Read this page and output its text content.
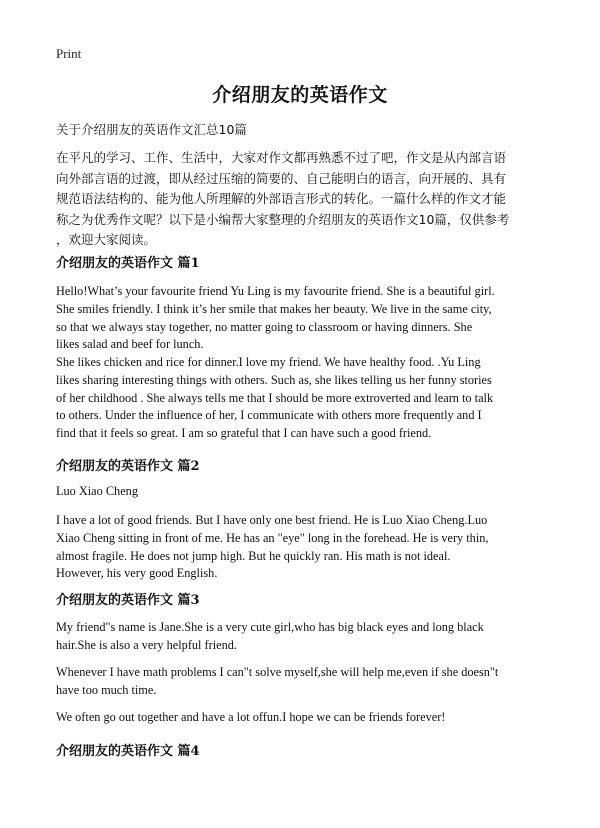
Print
介绍朋友的英语作文
关于介绍朋友的英语作文汇总10篇
在平凡的学习、工作、生活中，大家对作文都再熟悉不过了吧，作文是从内部言语
向外部言语的过渡，即从经过压缩的简要的、自己能明白的语言，向开展的、具有
规范语法结构的、能为他人所理解的外部语言形式的转化。一篇什么样的作文才能
称之为优秀作文呢？以下是小编帮大家整理的介绍朋友的英语作文10篇，仅供参考
，欢迎大家阅读。
介绍朋友的英语作文 篇1
Hello!What’s your favourite friend Yu Ling is my favourite friend. She is a beautiful girl.
She smiles friendly. I think it’s her smile that makes her beauty. We live in the same city,
so that we always stay together, no matter going to classroom or having dinners. She
likes salad and beef for lunch.
She likes chicken and rice for dinner.I love my friend. We have healthy food. .Yu Ling
likes sharing interesting things with others. Such as, she likes telling us her funny stories
of her childhood . She always tells me that I should be more extroverted and learn to talk
to others. Under the influence of her, I communicate with others more frequently and I
find that it feels so great. I am so grateful that I can have such a good friend.
介绍朋友的英语作文 篇2
Luo Xiao Cheng
I have a lot of good friends. But I have only one best friend. He is Luo Xiao Cheng.Luo
Xiao Cheng sitting in front of me. He has an "eye" long in the forehead. He is very thin,
almost fragile. He does not jump high. But he quickly ran. His math is not ideal.
However, his very good English.
介绍朋友的英语作文 篇3
My friend"s name is Jane.She is a very cute girl,who has big black eyes and long black
hair.She is also a very helpful friend.
Whenever I have math problems I can"t solve myself,she will help me,even if she doesn"t
have too much time.
We often go out together and have a lot offun.I hope we can be friends forever!
介绍朋友的英语作文 篇4
